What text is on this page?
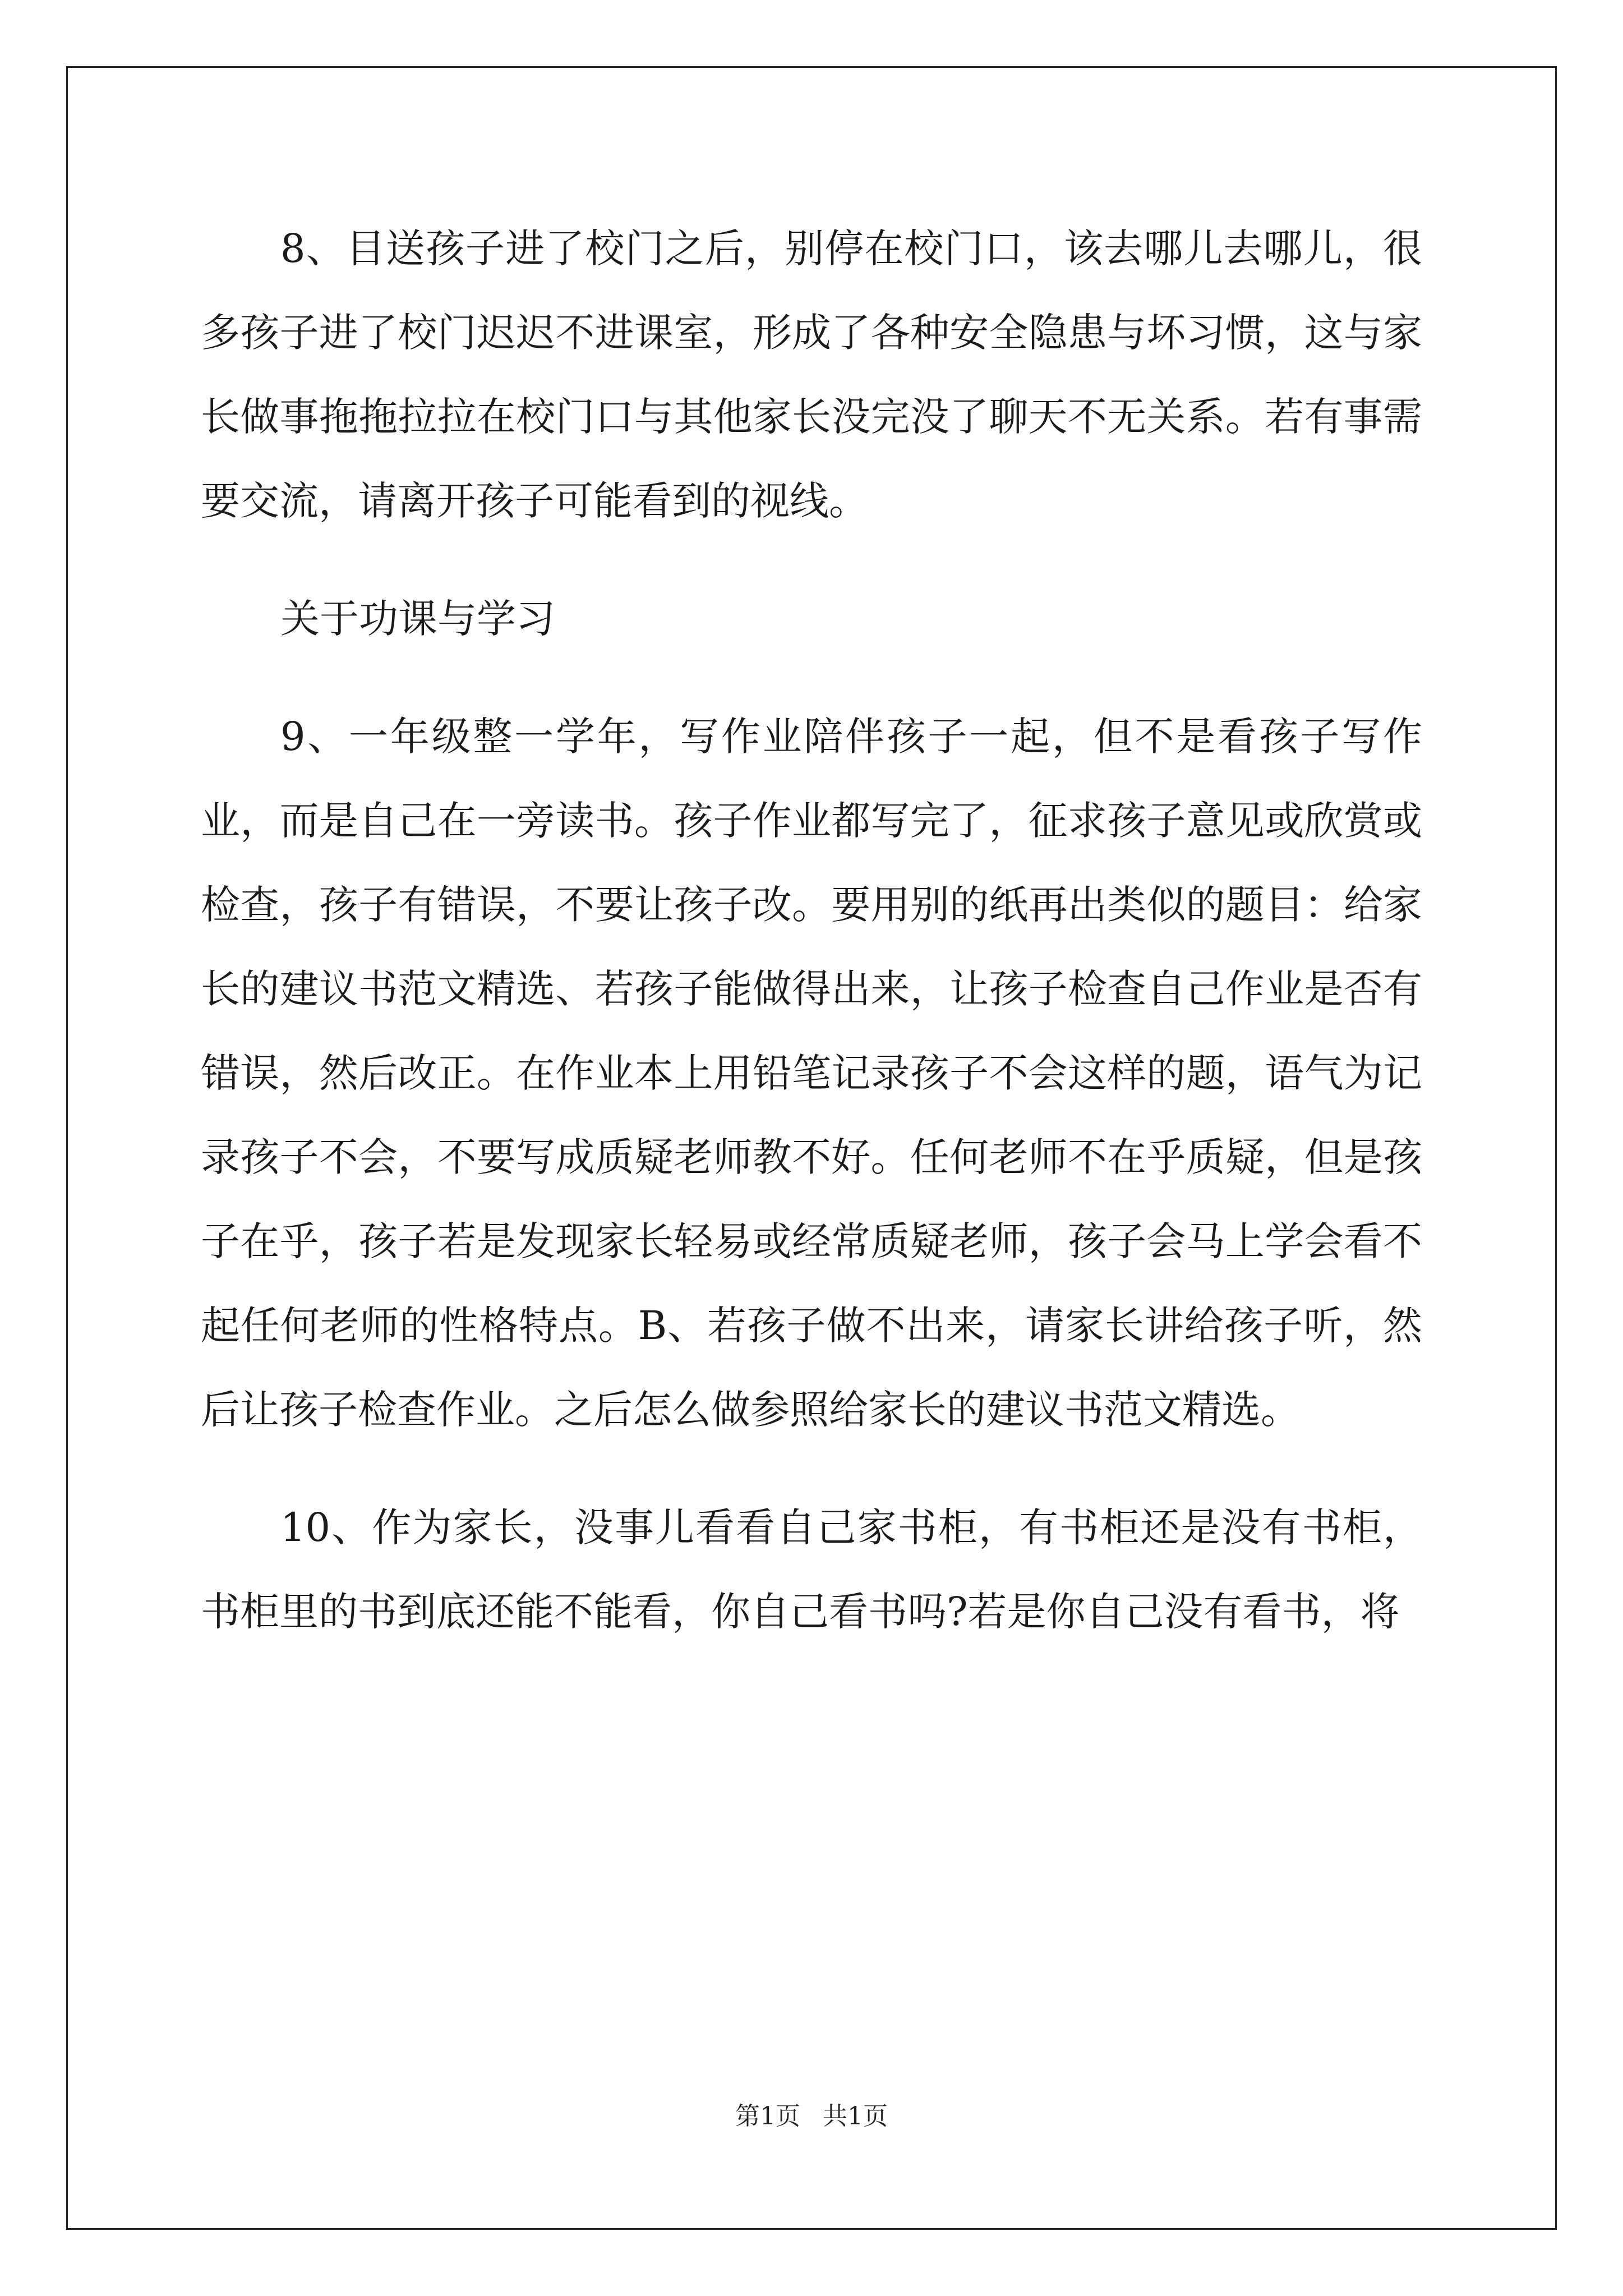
8、目送孩子进了校门之后，别停在校门口，该去哪儿去哪儿，很多孩子进了校门迟迟不进课室，形成了各种安全隐患与坏习惯，这与家长做事拖拖拉拉在校门口与其他家长没完没了聊天不无关系。若有事需要交流，请离开孩子可能看到的视线。

关于功课与学习

9、一年级整一学年，写作业陪伴孩子一起，但不是看孩子写作业，而是自己在一旁读书。孩子作业都写完了，征求孩子意见或欣赏或检查，孩子有错误，不要让孩子改。要用别的纸再出类似的题目：给家长的建议书范文精选、若孩子能做得出来，让孩子检查自己作业是否有错误，然后改正。在作业本上用铅笔记录孩子不会这样的题，语气为记录孩子不会，不要写成质疑老师教不好。任何老师不在乎质疑，但是孩子在乎，孩子若是发现家长轻易或经常质疑老师，孩子会马上学会看不起任何老师的性格特点。B、若孩子做不出来，请家长讲给孩子听，然后让孩子检查作业。之后怎么做参照给家长的建议书范文精选。

10、作为家长，没事儿看看自己家书柜，有书柜还是没有书柜，书柜里的书到底还能不能看，你自己看书吗?若是你自己没有看书，将

第1页 共1页
